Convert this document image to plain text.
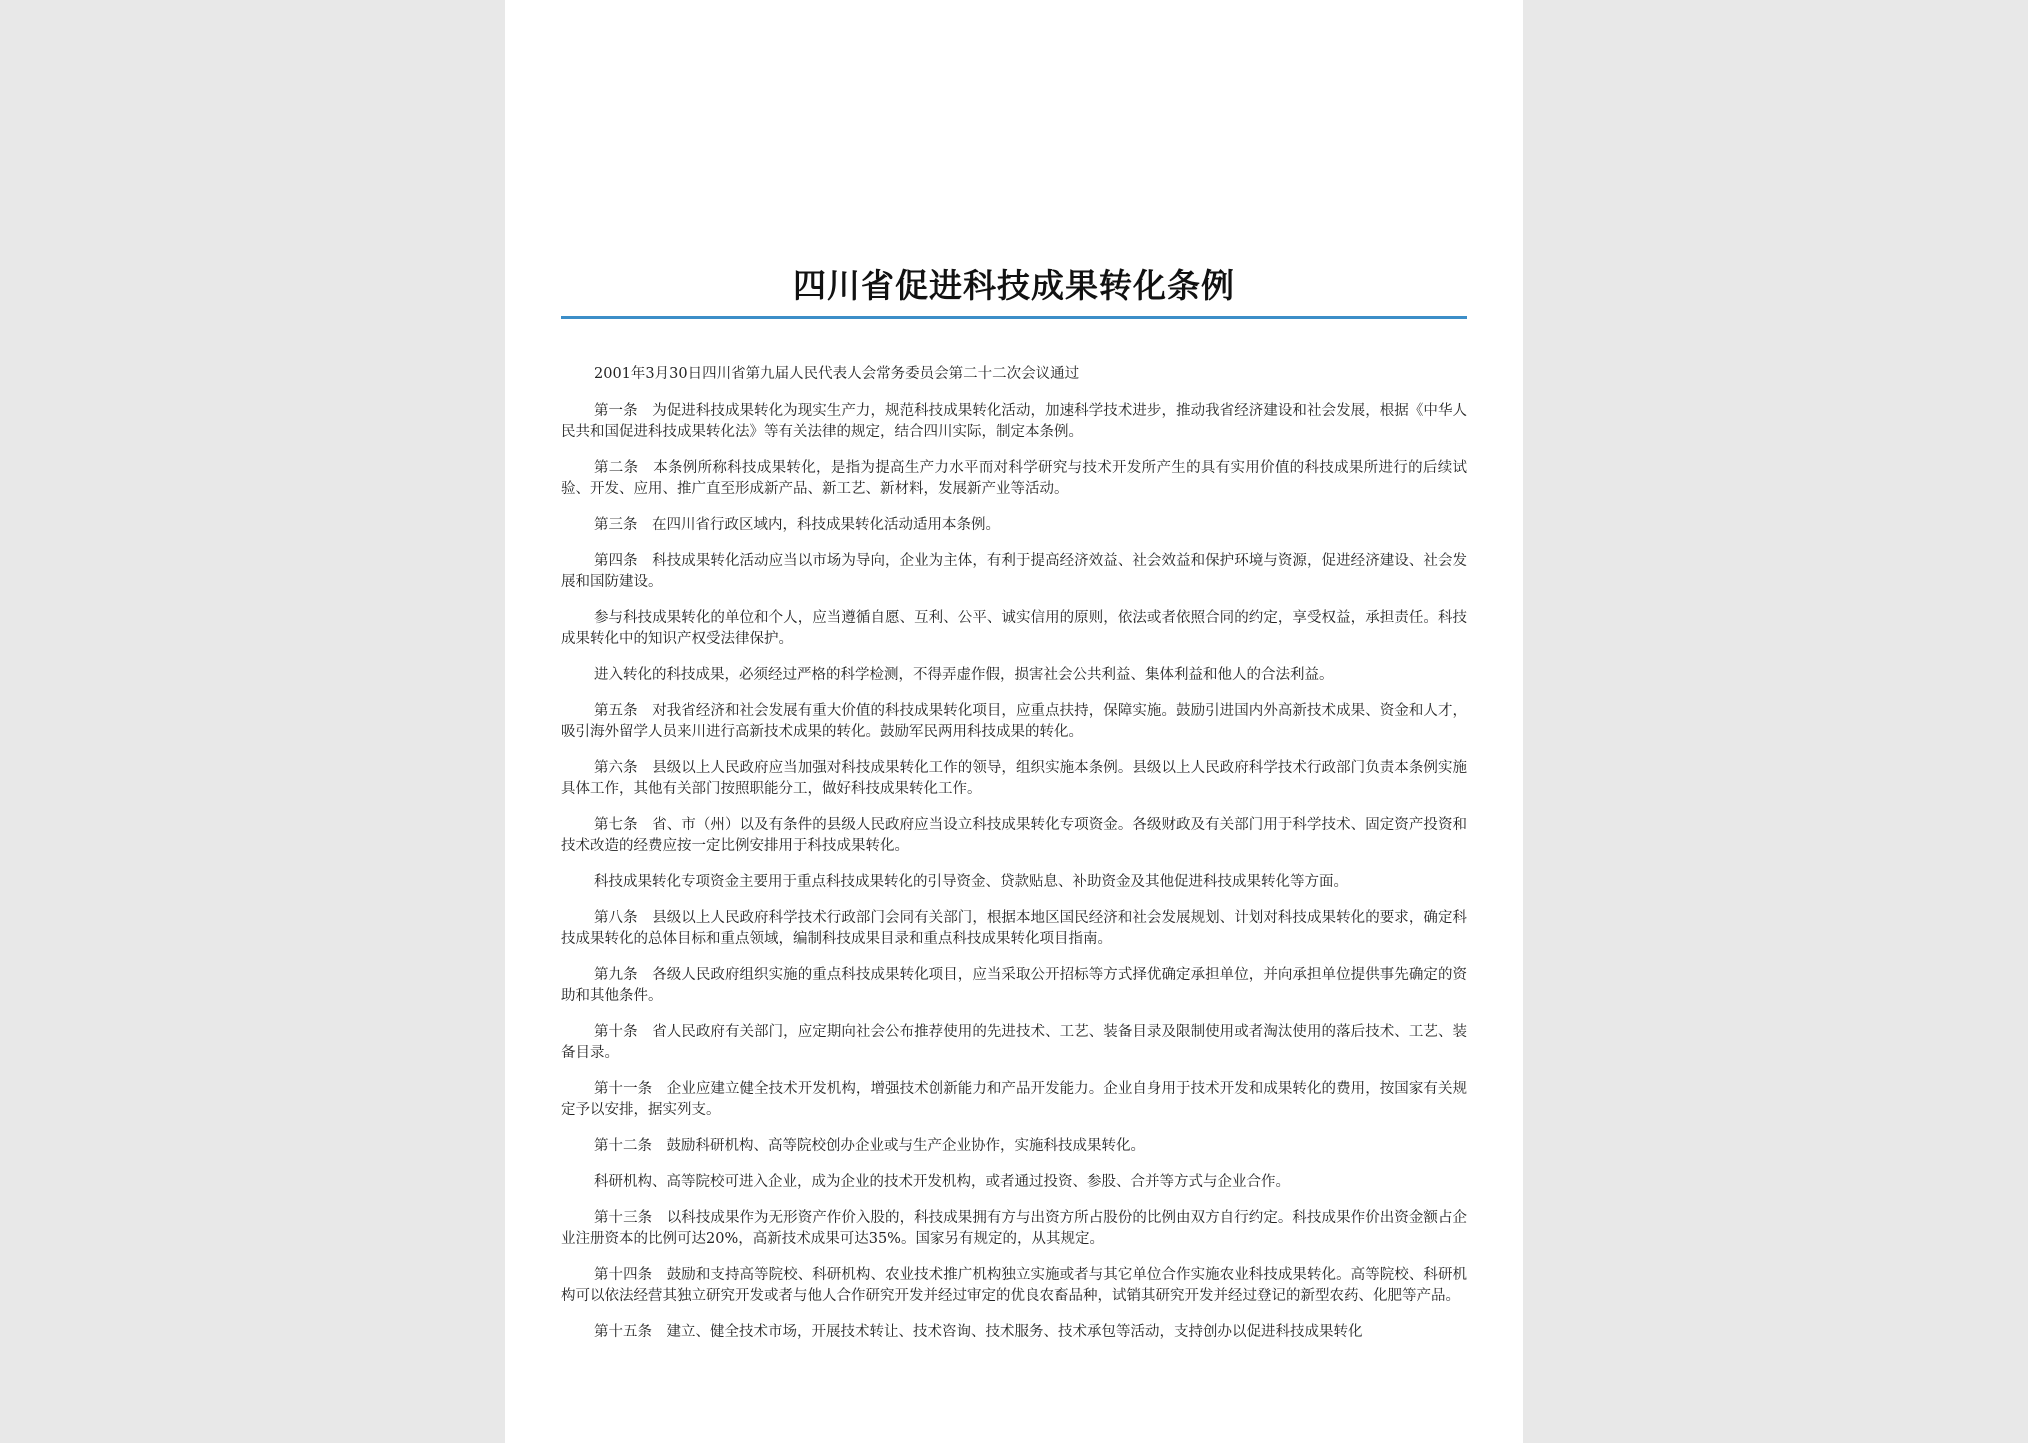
四川省促进科技成果转化条例

2001年3月30日四川省第九届人民代表人会常务委员会第二十二次会议通过

第一条　为促进科技成果转化为现实生产力，规范科技成果转化活动，加速科学技术进步，推动我省经济建设和社会发展，根据《中华人民共和国促进科技成果转化法》等有关法律的规定，结合四川实际，制定本条例。

第二条　本条例所称科技成果转化，是指为提高生产力水平而对科学研究与技术开发所产生的具有实用价值的科技成果所进行的后续试验、开发、应用、推广直至形成新产品、新工艺、新材料，发展新产业等活动。

第三条　在四川省行政区域内，科技成果转化活动适用本条例。

第四条　科技成果转化活动应当以市场为导向，企业为主体，有利于提高经济效益、社会效益和保护环境与资源，促进经济建设、社会发展和国防建设。

参与科技成果转化的单位和个人，应当遵循自愿、互利、公平、诚实信用的原则，依法或者依照合同的约定，享受权益，承担责任。科技成果转化中的知识产权受法律保护。

进入转化的科技成果，必须经过严格的科学检测，不得弄虚作假，损害社会公共利益、集体利益和他人的合法利益。

第五条　对我省经济和社会发展有重大价值的科技成果转化项目，应重点扶持，保障实施。鼓励引进国内外高新技术成果、资金和人才，吸引海外留学人员来川进行高新技术成果的转化。鼓励军民两用科技成果的转化。

第六条　县级以上人民政府应当加强对科技成果转化工作的领导，组织实施本条例。县级以上人民政府科学技术行政部门负责本条例实施具体工作，其他有关部门按照职能分工，做好科技成果转化工作。

第七条　省、市（州）以及有条件的县级人民政府应当设立科技成果转化专项资金。各级财政及有关部门用于科学技术、固定资产投资和技术改造的经费应按一定比例安排用于科技成果转化。

科技成果转化专项资金主要用于重点科技成果转化的引导资金、贷款贴息、补助资金及其他促进科技成果转化等方面。

第八条　县级以上人民政府科学技术行政部门会同有关部门，根据本地区国民经济和社会发展规划、计划对科技成果转化的要求，确定科技成果转化的总体目标和重点领域，编制科技成果目录和重点科技成果转化项目指南。

第九条　各级人民政府组织实施的重点科技成果转化项目，应当采取公开招标等方式择优确定承担单位，并向承担单位提供事先确定的资助和其他条件。

第十条　省人民政府有关部门，应定期向社会公布推荐使用的先进技术、工艺、装备目录及限制使用或者淘汰使用的落后技术、工艺、装备目录。

第十一条　企业应建立健全技术开发机构，增强技术创新能力和产品开发能力。企业自身用于技术开发和成果转化的费用，按国家有关规定予以安排，据实列支。

第十二条　鼓励科研机构、高等院校创办企业或与生产企业协作，实施科技成果转化。

科研机构、高等院校可进入企业，成为企业的技术开发机构，或者通过投资、参股、合并等方式与企业合作。

第十三条　以科技成果作为无形资产作价入股的，科技成果拥有方与出资方所占股份的比例由双方自行约定。科技成果作价出资金额占企业注册资本的比例可达20%，高新技术成果可达35%。国家另有规定的，从其规定。

第十四条　鼓励和支持高等院校、科研机构、农业技术推广机构独立实施或者与其它单位合作实施农业科技成果转化。高等院校、科研机构可以依法经营其独立研究开发或者与他人合作研究开发并经过审定的优良农畜品种，试销其研究开发并经过登记的新型农药、化肥等产品。

第十五条　建立、健全技术市场，开展技术转让、技术咨询、技术服务、技术承包等活动，支持创办以促进科技成果转化
